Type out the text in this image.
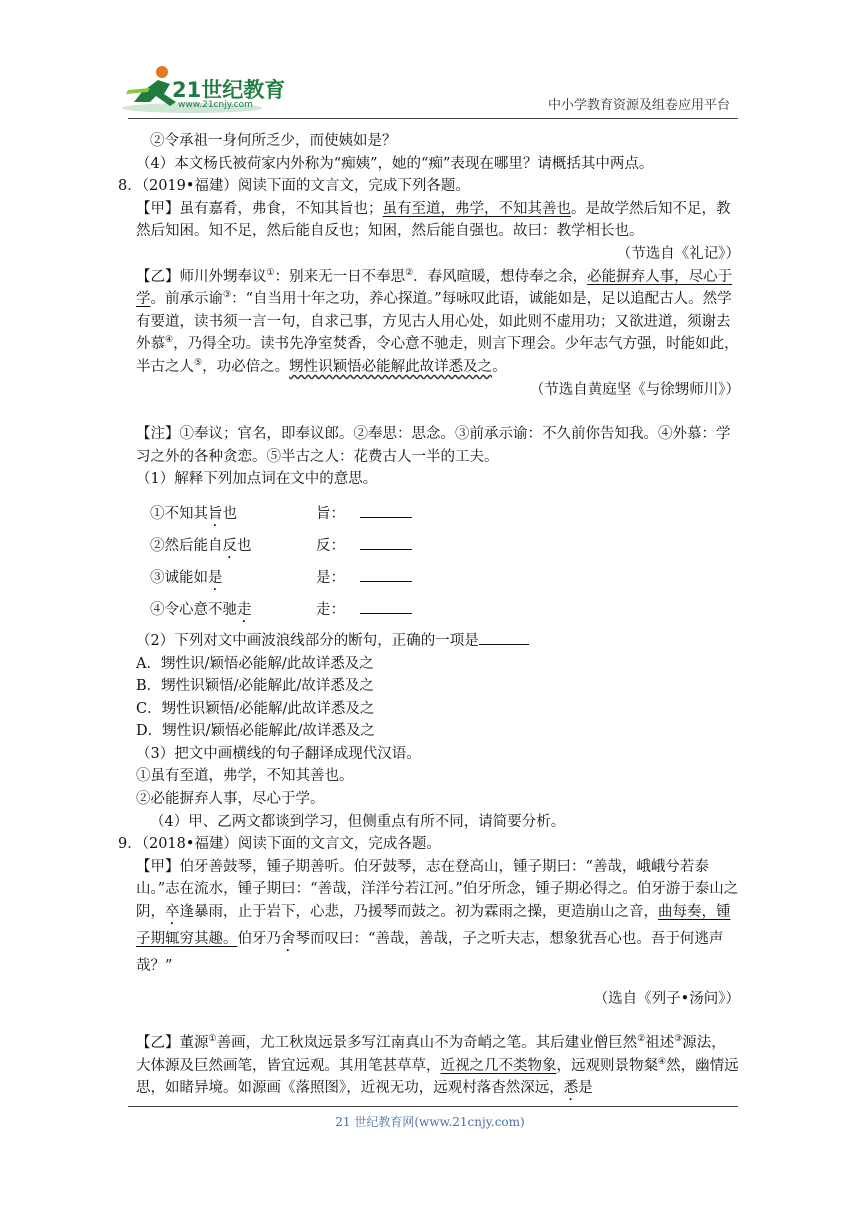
21世纪教育
www.21cnjy.com	中小学教育资源及组卷应用平台

②令承祖一身何所乏少，而使姨如是？

（4）本文杨氏被荷家内外称为“痴姨”，她的“痴”表现在哪里？请概括其中两点。

8．（2019•福建）阅读下面的文言文，完成下列各题。

【甲】虽有嘉肴，弗食，不知其旨也；虽有至道，弗学，不知其善也。是故学然后知不足，教然后知困。知不足，然后能自反也；知困，然后能自强也。故曰：教学相长也。

（节选自《礼记》）

【乙】师川外甥奉议①：别来无一日不奉思②．春风暄暖，想侍奉之余，必能摒弃人事，尽心于学。前承示谕③：“自当用十年之功，养心探道。”每咏叹此语，诚能如是，足以追配古人。然学有要道，读书须一言一句，自求己事，方见古人用心处，如此则不虚用功；又欲进道，须谢去外慕④，乃得全功。读书先净室焚香，令心意不驰走，则言下理会。少年志气方强，时能如此，半古之人⑤，功必倍之。甥性识颖悟必能解此故详悉及之。

（节选自黄庭坚《与徐甥师川》）

【注】①奉议；官名，即奉议郎。②奉思：思念。③前承示谕：不久前你告知我。④外慕：学习之外的各种贪恋。⑤半古之人：花费古人一半的工夫。

（1）解释下列加点词在文中的意思。

①不知其旨也	旨：
②然后能自反也	反：
③诚能如是	是：
④令心意不驰走	走：

（2）下列对文中画波浪线部分的断句，正确的一项是

A．甥性识/颖悟必能解/此故详悉及之

B．甥性识颖悟/必能解此/故详悉及之

C．甥性识颖悟/必能解/此故详悉及之

D．甥性识/颖悟必能解此/故详悉及之

（3）把文中画横线的句子翻译成现代汉语。

①虽有至道，弗学，不知其善也。

②必能摒弃人事，尽心于学。

（4）甲、乙两文都谈到学习，但侧重点有所不同，请简要分析。

9．（2018•福建）阅读下面的文言文，完成各题。

【甲】伯牙善鼓琴，锺子期善听。伯牙鼓琴，志在登高山，锺子期曰：“善哉，峨峨兮若泰山。”志在流水，锺子期曰：“善哉，洋洋兮若江河。”伯牙所念，锺子期必得之。伯牙游于泰山之阴，卒逢暴雨，止于岩下，心悲，乃援琴而鼓之。初为霖雨之操，更造崩山之音，曲每奏，锺子期辄穷其趣。伯牙乃舍琴而叹曰：“善哉，善哉，子之听夫志，想象犹吾心也。吾于何逃声哉？”

（选自《列子•汤问》）

【乙】董源①善画，尤工秋岚远景多写江南真山不为奇峭之笔。其后建业僧巨然②祖述③源法，大体源及巨然画笔，皆宜远观。其用笔甚草草，近视之几不类物象，远观则景物粲④然，幽情远思，如睹异境。如源画《落照图》，近视无功，远观村落杳然深远，悉是

21 世纪教育网(www.21cnjy.com)
